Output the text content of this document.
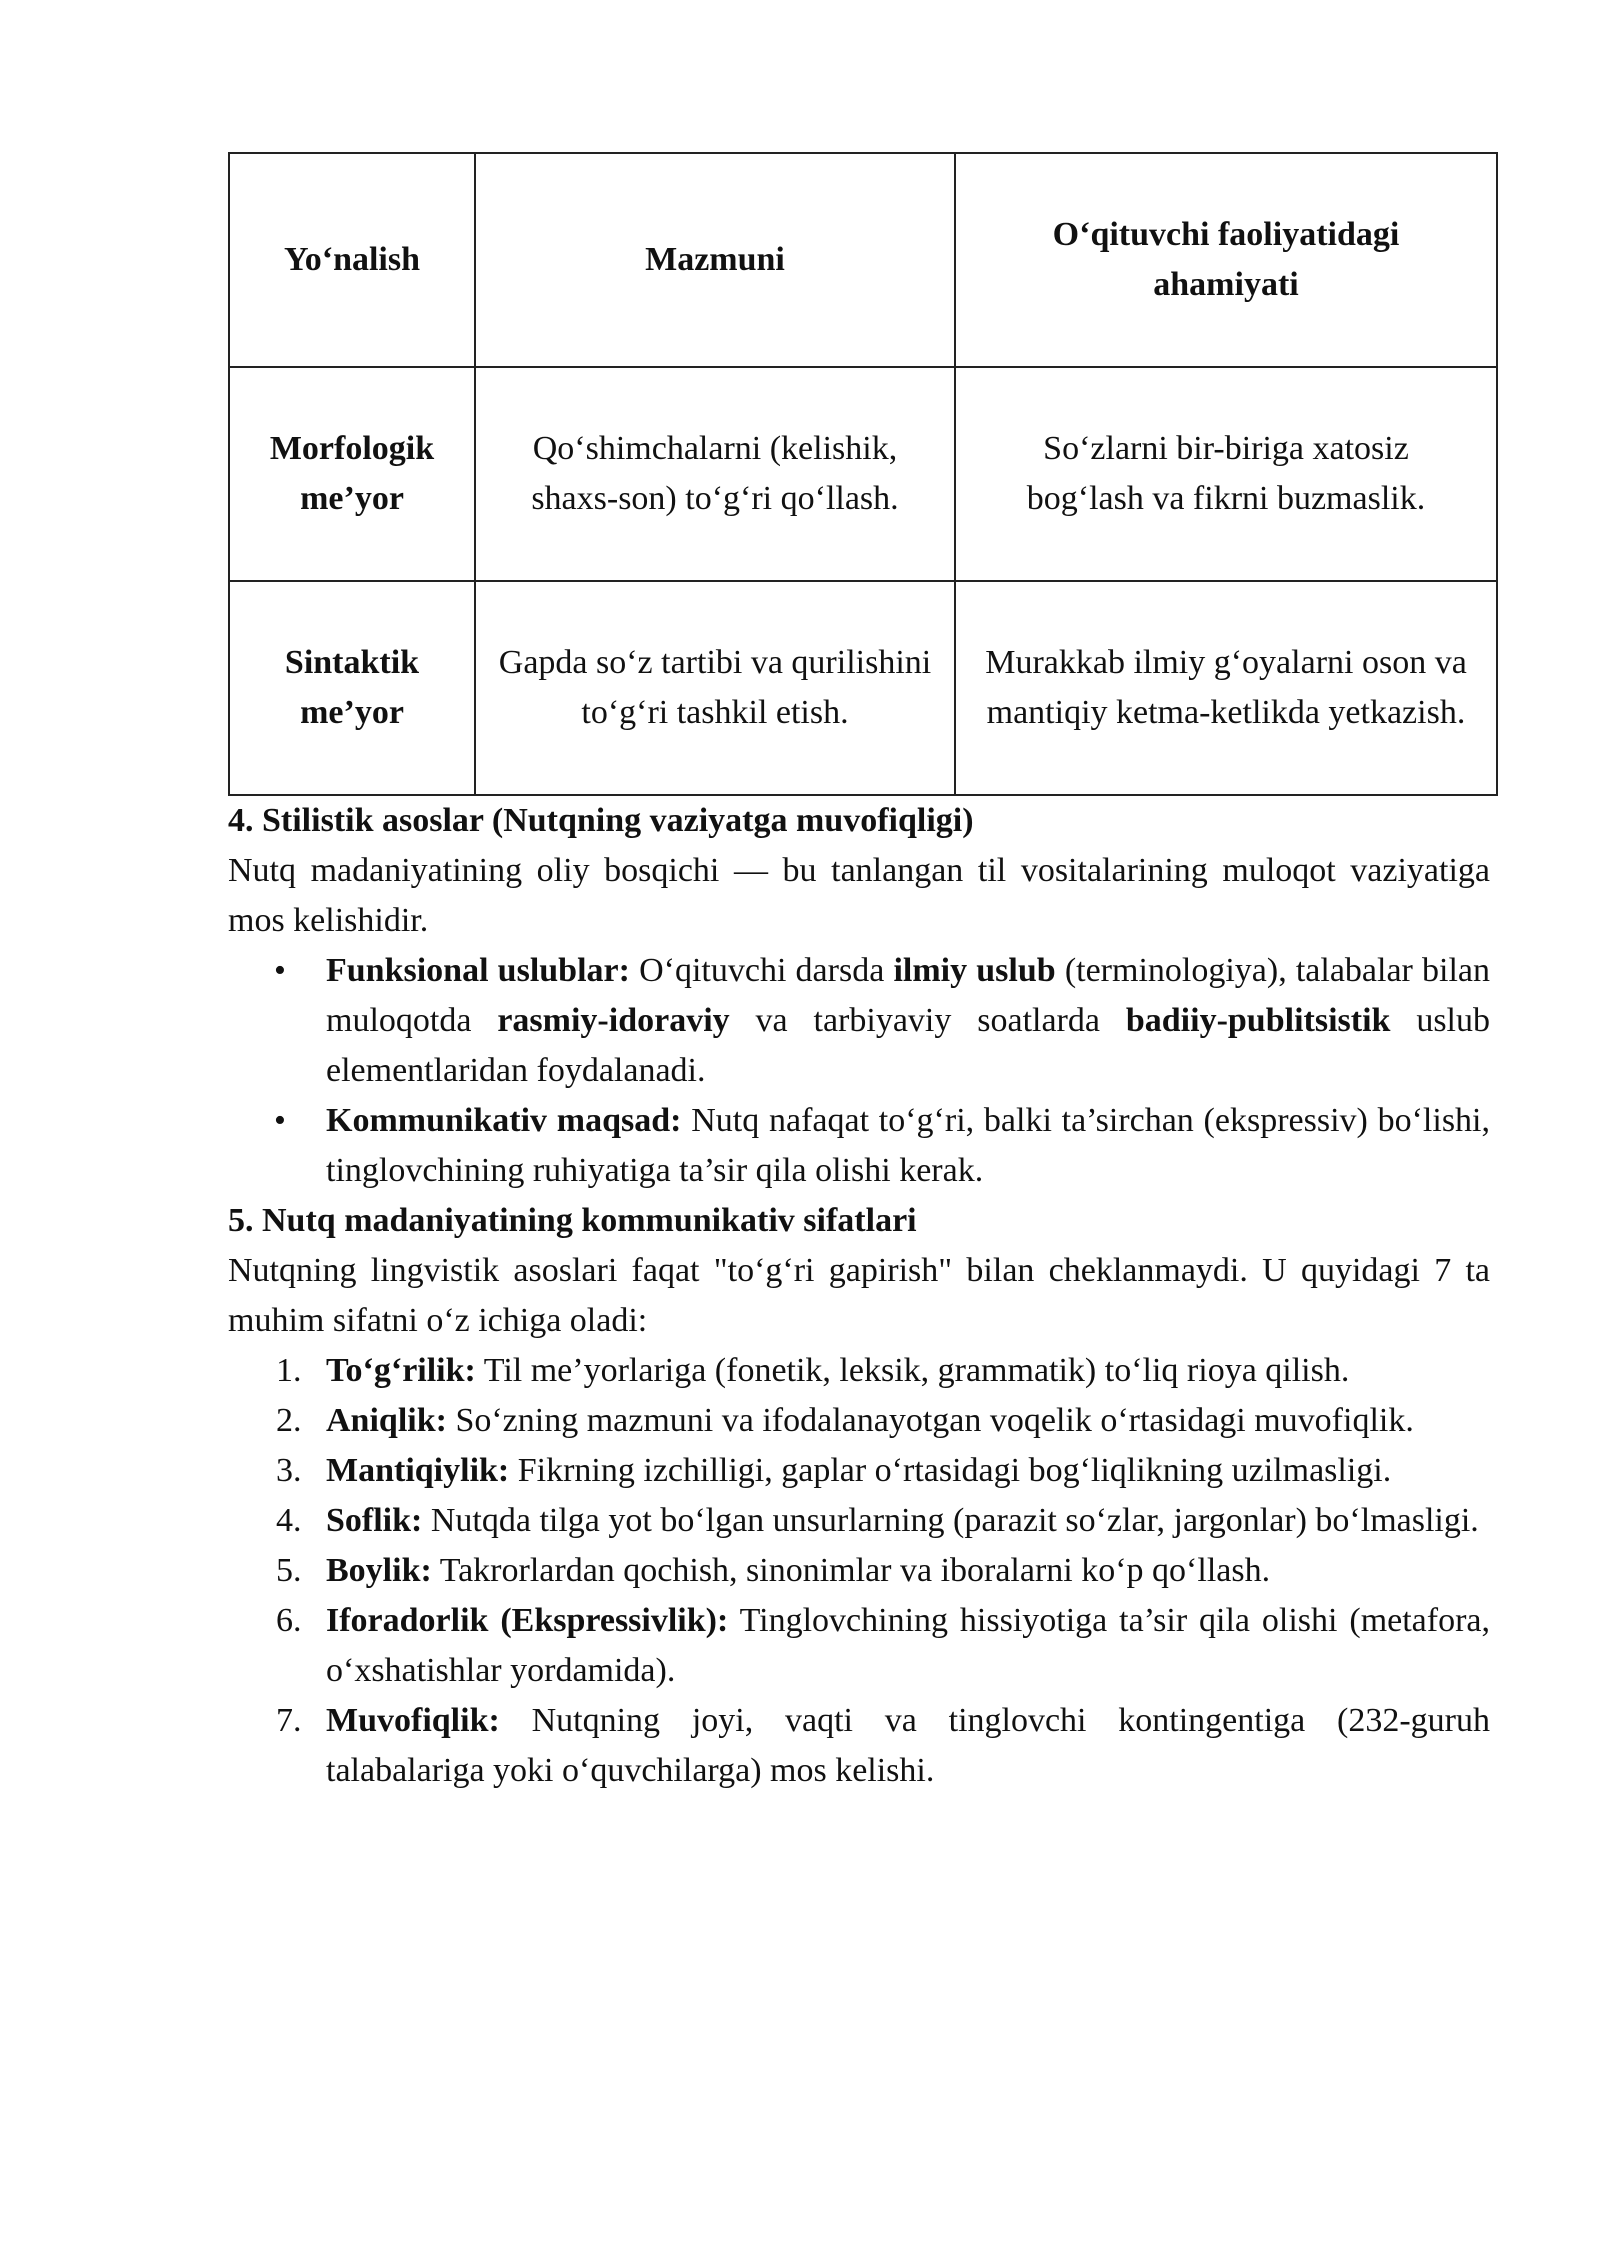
Yo‘nalish	Mazmuni	O‘qituvchi faoliyatidagi ahamiyati

Morfologik me’yor	Qo‘shimchalarni (kelishik, shaxs-son) to‘g‘ri qo‘llash.	So‘zlarni bir-biriga xatosiz bog‘lash va fikrni buzmaslik.

Sintaktik me’yor	Gapda so‘z tartibi va qurilishini to‘g‘ri tashkil etish.	Murakkab ilmiy g‘oyalarni oson va mantiqiy ketma-ketlikda yetkazish.

4. Stilistik asoslar (Nutqning vaziyatga muvofiqligi)

Nutq madaniyatining oliy bosqichi — bu tanlangan til vositalarining muloqot vaziyatiga mos kelishidir.

• Funksional uslublar: O‘qituvchi darsda ilmiy uslub (terminologiya), talabalar bilan muloqotda rasmiy-idoraviy va tarbiyaviy soatlarda badiiy-publitsistik uslub elementlaridan foydalanadi.
• Kommunikativ maqsad: Nutq nafaqat to‘g‘ri, balki ta’sirchan (ekspressiv) bo‘lishi, tinglovchining ruhiyatiga ta’sir qila olishi kerak.

5. Nutq madaniyatining kommunikativ sifatlari

Nutqning lingvistik asoslari faqat "to‘g‘ri gapirish" bilan cheklanmaydi. U quyidagi 7 ta muhim sifatni o‘z ichiga oladi:

1. To‘g‘rilik: Til me’yorlariga (fonetik, leksik, grammatik) to‘liq rioya qilish.
2. Aniqlik: So‘zning mazmuni va ifodalanayotgan voqelik o‘rtasidagi muvofiqlik.
3. Mantiqiylik: Fikrning izchilligi, gaplar o‘rtasidagi bog‘liqlikning uzilmasligi.
4. Soflik: Nutqda tilga yot bo‘lgan unsurlarning (parazit so‘zlar, jargonlar) bo‘lmasligi.
5. Boylik: Takrorlardan qochish, sinonimlar va iboralarni ko‘p qo‘llash.
6. Iforadorlik (Ekspressivlik): Tinglovchining hissiyotiga ta’sir qila olishi (metafora, o‘xshatishlar yordamida).
7. Muvofiqlik: Nutqning joyi, vaqti va tinglovchi kontingentiga (232-guruh talabalariga yoki o‘quvchilarga) mos kelishi.
